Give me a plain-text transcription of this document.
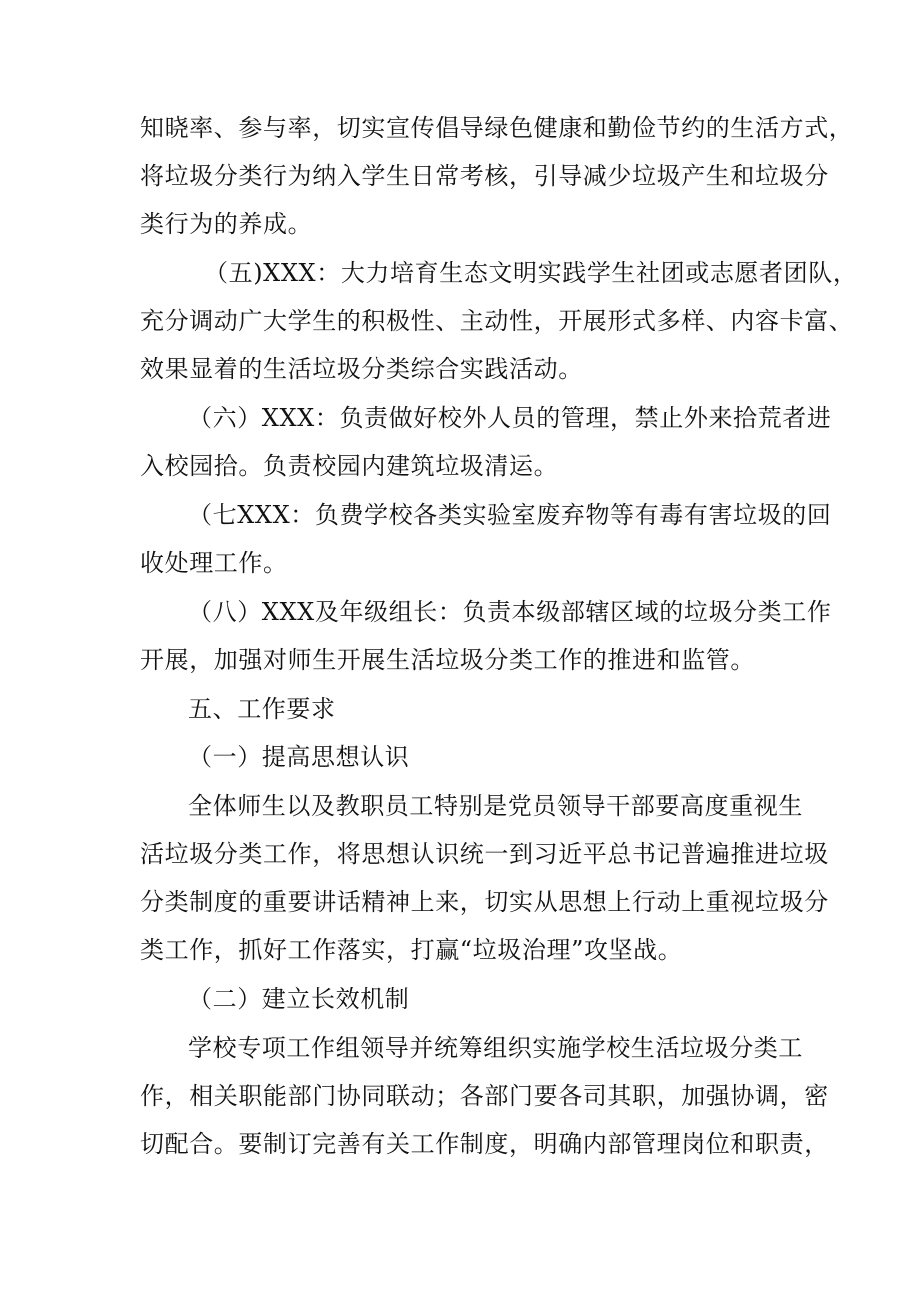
知晓率、参与率，切实宣传倡导绿色健康和勤俭节约的生活方式，
将垃圾分类行为纳入学生日常考核，引导减少垃圾产生和垃圾分
类行为的养成。
（五)XXX：大力培育生态文明实践学生社团或志愿者团队，
充分调动广大学生的积极性、主动性，开展形式多样、内容卡富、
效果显着的生活垃圾分类综合实践活动。
（六）XXX：负责做好校外人员的管理，禁止外来拾荒者进
入校园拾。负责校园内建筑垃圾清运。
（七XXX：负费学校各类实验室废弃物等有毒有害垃圾的回
收处理工作。
（八）XXX及年级组长：负责本级部辖区域的垃圾分类工作
开展，加强对师生开展生活垃圾分类工作的推进和监管。
五、工作要求
（一）提高思想认识
全体师生以及教职员工特别是党员领导干部要高度重视生
活垃圾分类工作，将思想认识统一到习近平总书记普遍推进垃圾
分类制度的重要讲话精神上来，切实从思想上行动上重视垃圾分
类工作，抓好工作落实，打赢“垃圾治理”攻坚战。
（二）建立长效机制
学校专项工作组领导并统筹组织实施学校生活垃圾分类工
作，相关职能部门协同联动；各部门要各司其职，加强协调，密
切配合。要制订完善有关工作制度，明确内部管理岗位和职责，
